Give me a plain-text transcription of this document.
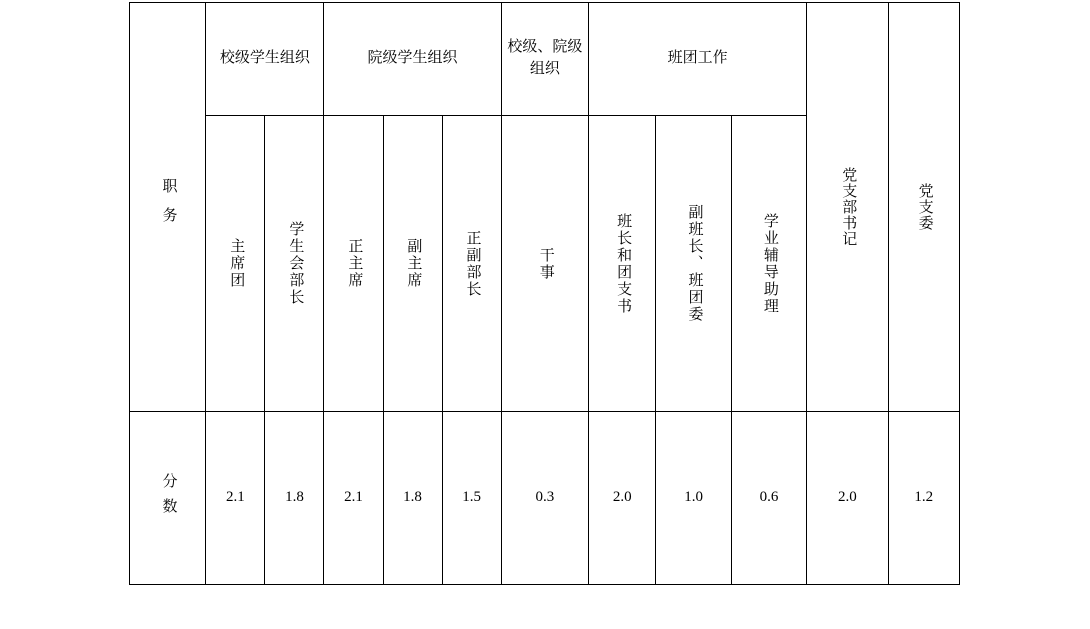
职务	校级学生组织		院级学生组织			校级、院级组织	班团工作			党支部书记	党支委

	主席团	学生会部长	正主席	副主席	正副部长	干事	班长和团支书	副班长、班团委	学业辅导助理		

分数	2.1	1.8	2.1	1.8	1.5	0.3	2.0	1.0	0.6	2.0	1.2
